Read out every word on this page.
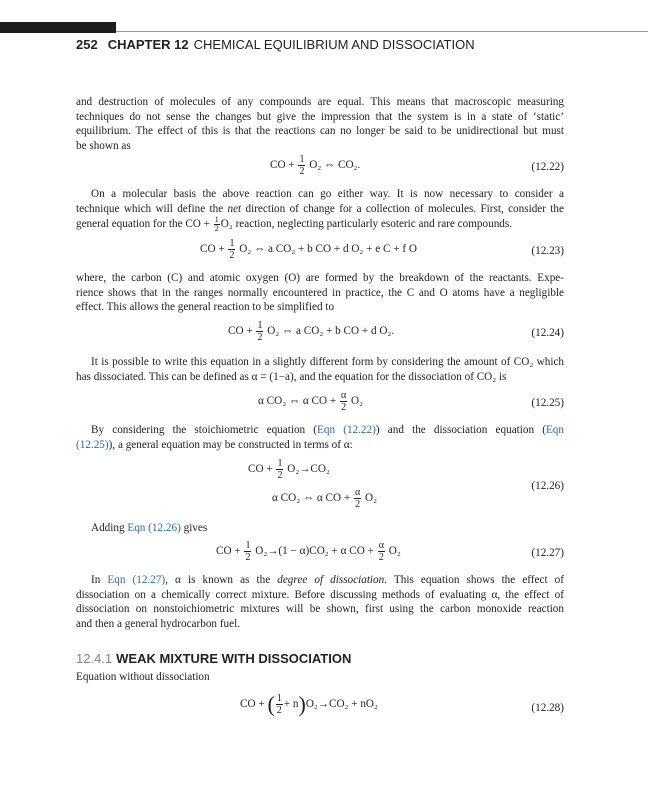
252 CHAPTER 12 CHEMICAL EQUILIBRIUM AND DISSOCIATION
and destruction of molecules of any compounds are equal. This means that macroscopic measuring
techniques do not sense the changes but give the impression that the system is in a state of ‘static’
equilibrium. The effect of this is that the reactions can no longer be said to be unidirectional but must
be shown as
CO + $\frac{1}{2} O_2$ ⇔ CO₂.	(12.22)
On a molecular basis the above reaction can go either way. It is now necessary to consider a
technique which will define the net direction of change for a collection of molecules. First, consider the
general equation for the CO + $\frac{1}{2} O_2$ reaction, neglecting particularly esoteric and rare compounds.
CO + $\frac{1}{2} O_2$ ⇔ a CO₂ + b CO + d O₂ + e C + f O	(12.23)
where, the carbon (C) and atomic oxygen (O) are formed by the breakdown of the reactants. Expe-
rience shows that in the ranges normally encountered in practice, the C and O atoms have a negligible
effect. This allows the general reaction to be simplified to
CO + $\frac{1}{2} O_2$ ⇔ a CO₂ + b CO + d O₂.	(12.24)
It is possible to write this equation in a slightly different form by considering the amount of CO₂ which
has dissociated. This can be defined as α = (1−a), and the equation for the dissociation of CO₂ is
α CO₂ ⇔ α CO + $\frac{\alpha}{2} O_2$	(12.25)
By considering the stoichiometric equation (Eqn (12.22)) and the dissociation equation (Eqn
(12.25)), a general equation may be constructed in terms of α:
CO + $\frac{1}{2} O_2\to CO_2$
α CO₂ ⇔ α CO + $\frac{\alpha}{2} O_2$
(12.26)
Adding Eqn (12.26) gives
CO + $\frac{1}{2} O_2\to(1 - \alpha)CO_2 + \alpha$ CO + $\frac{\alpha}{2} O_2$	(12.27)
In Eqn (12.27), α is known as the degree of dissociation. This equation shows the effect of
dissociation on a chemically correct mixture. Before discussing methods of evaluating α, the effect of
dissociation on nonstoichiometric mixtures will be shown, first using the carbon monoxide reaction
and then a general hydrocarbon fuel.
12.4.1 WEAK MIXTURE WITH DISSOCIATION
Equation without dissociation
CO + ( $\frac{1}{2} + n)O_2\to CO_2 + nO_2$	(12.28)
